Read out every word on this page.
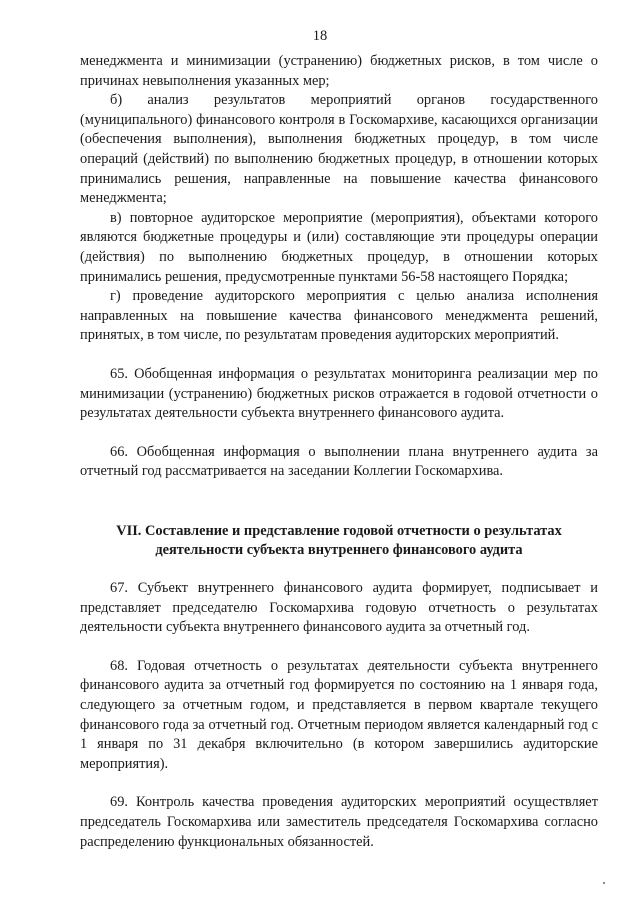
18

менеджмента и минимизации (устранению) бюджетных рисков, в том числе о причинах невыполнения указанных мер;

б) анализ результатов мероприятий органов государственного (муниципального) финансового контроля в Госкомархиве, касающихся организации (обеспечения выполнения), выполнения бюджетных процедур, в том числе операций (действий) по выполнению бюджетных процедур, в отношении которых принимались решения, направленные на повышение качества финансового менеджмента;

в) повторное аудиторское мероприятие (мероприятия), объектами которого являются бюджетные процедуры и (или) составляющие эти процедуры операции (действия) по выполнению бюджетных процедур, в отношении которых принимались решения, предусмотренные пунктами 56-58 настоящего Порядка;

г) проведение аудиторского мероприятия с целью анализа исполнения направленных на повышение качества финансового менеджмента решений, принятых, в том числе, по результатам проведения аудиторских мероприятий.

65. Обобщенная информация о результатах мониторинга реализации мер по минимизации (устранению) бюджетных рисков отражается в годовой отчетности о результатах деятельности субъекта внутреннего финансового аудита.

66. Обобщенная информация о выполнении плана внутреннего аудита за отчетный год рассматривается на заседании Коллегии Госкомархива.

VII. Составление и представление годовой отчетности о результатах деятельности субъекта внутреннего финансового аудита

67. Субъект внутреннего финансового аудита формирует, подписывает и представляет председателю Госкомархива годовую отчетность о результатах деятельности субъекта внутреннего финансового аудита за отчетный год.

68. Годовая отчетность о результатах деятельности субъекта внутреннего финансового аудита за отчетный год формируется по состоянию на 1 января года, следующего за отчетным годом, и представляется в первом квартале текущего финансового года за отчетный год. Отчетным периодом является календарный год с 1 января по 31 декабря включительно (в котором завершились аудиторские мероприятия).

69. Контроль качества проведения аудиторских мероприятий осуществляет председатель Госкомархива или заместитель председателя Госкомархива согласно распределению функциональных обязанностей.
